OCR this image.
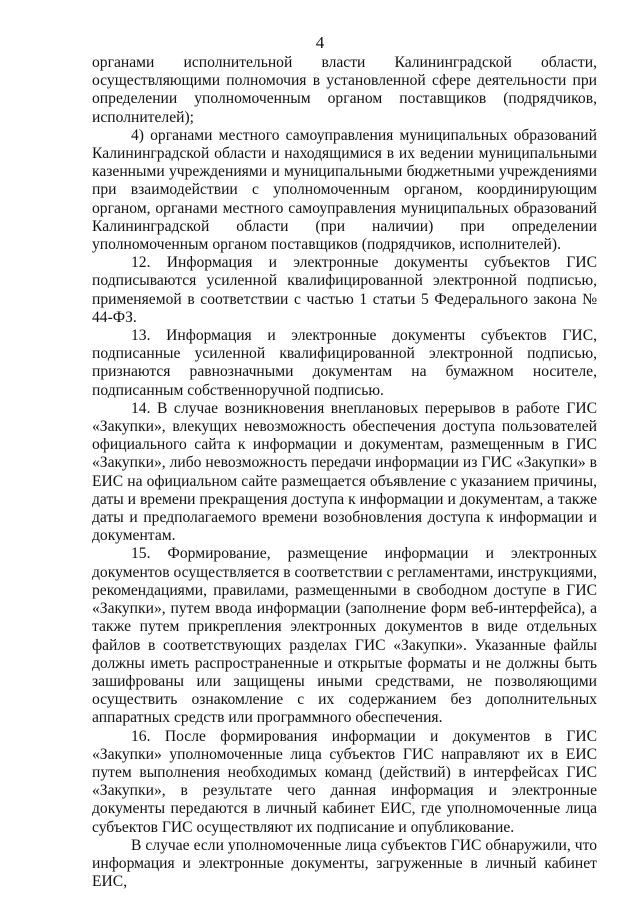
4

органами исполнительной власти Калининградской области, осуществляющими полномочия в установленной сфере деятельности при определении уполномоченным органом поставщиков (подрядчиков, исполнителей);

4) органами местного самоуправления муниципальных образований Калининградской области и находящимися в их ведении муниципальными казенными учреждениями и муниципальными бюджетными учреждениями при взаимодействии с уполномоченным органом, координирующим органом, органами местного самоуправления муниципальных образований Калининградской области (при наличии) при определении уполномоченным органом поставщиков (подрядчиков, исполнителей).

12. Информация и электронные документы субъектов ГИС подписываются усиленной квалифицированной электронной подписью, применяемой в соответствии с частью 1 статьи 5 Федерального закона № 44-ФЗ.

13. Информация и электронные документы субъектов ГИС, подписанные усиленной квалифицированной электронной подписью, признаются равнозначными документам на бумажном носителе, подписанным собственноручной подписью.

14. В случае возникновения внеплановых перерывов в работе ГИС «Закупки», влекущих невозможность обеспечения доступа пользователей официального сайта к информации и документам, размещенным в ГИС «Закупки», либо невозможность передачи информации из ГИС «Закупки» в ЕИС на официальном сайте размещается объявление с указанием причины, даты и времени прекращения доступа к информации и документам, а также даты и предполагаемого времени возобновления доступа к информации и документам.

15. Формирование, размещение информации и электронных документов осуществляется в соответствии с регламентами, инструкциями, рекомендациями, правилами, размещенными в свободном доступе в ГИС «Закупки», путем ввода информации (заполнение форм веб-интерфейса), а также путем прикрепления электронных документов в виде отдельных файлов в соответствующих разделах ГИС «Закупки». Указанные файлы должны иметь распространенные и открытые форматы и не должны быть зашифрованы или защищены иными средствами, не позволяющими осуществить ознакомление с их содержанием без дополнительных аппаратных средств или программного обеспечения.

16. После формирования информации и документов в ГИС «Закупки» уполномоченные лица субъектов ГИС направляют их в ЕИС путем выполнения необходимых команд (действий) в интерфейсах ГИС «Закупки», в результате чего данная информация и электронные документы передаются в личный кабинет ЕИС, где уполномоченные лица субъектов ГИС осуществляют их подписание и опубликование.

В случае если уполномоченные лица субъектов ГИС обнаружили, что информация и электронные документы, загруженные в личный кабинет ЕИС,
